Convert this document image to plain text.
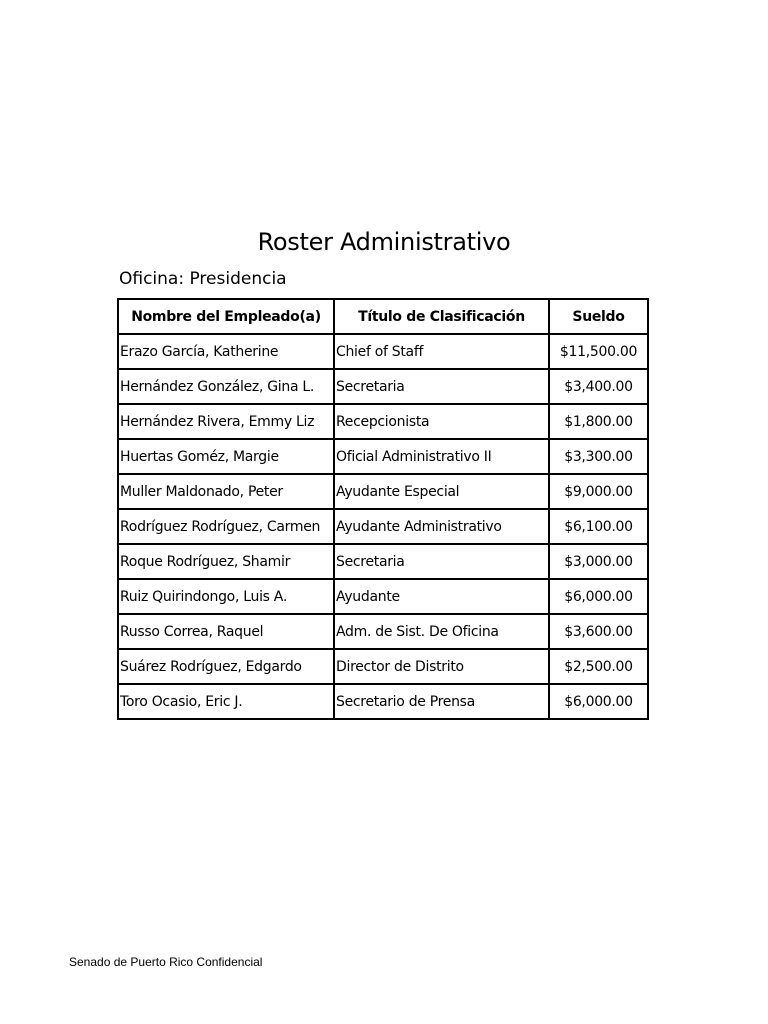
Roster Administrativo
Oficina: Presidencia
Nombre del Empleado(a)	Título de Clasificación	Sueldo
Erazo García, Katherine	Chief of Staff	$11,500.00
Hernández González, Gina L.	Secretaria	$3,400.00
Hernández Rivera, Emmy Liz	Recepcionista	$1,800.00
Huertas Goméz, Margie	Oficial Administrativo II	$3,300.00
Muller Maldonado, Peter	Ayudante Especial	$9,000.00
Rodríguez Rodríguez, Carmen	Ayudante Administrativo	$6,100.00
Roque Rodríguez, Shamir	Secretaria	$3,000.00
Ruiz Quirindongo, Luis A.	Ayudante	$6,000.00
Russo Correa, Raquel	Adm. de Sist. De Oficina	$3,600.00
Suárez Rodríguez, Edgardo	Director de Distrito	$2,500.00
Toro Ocasio, Eric J.	Secretario de Prensa	$6,000.00
Senado de Puerto Rico Confidencial
